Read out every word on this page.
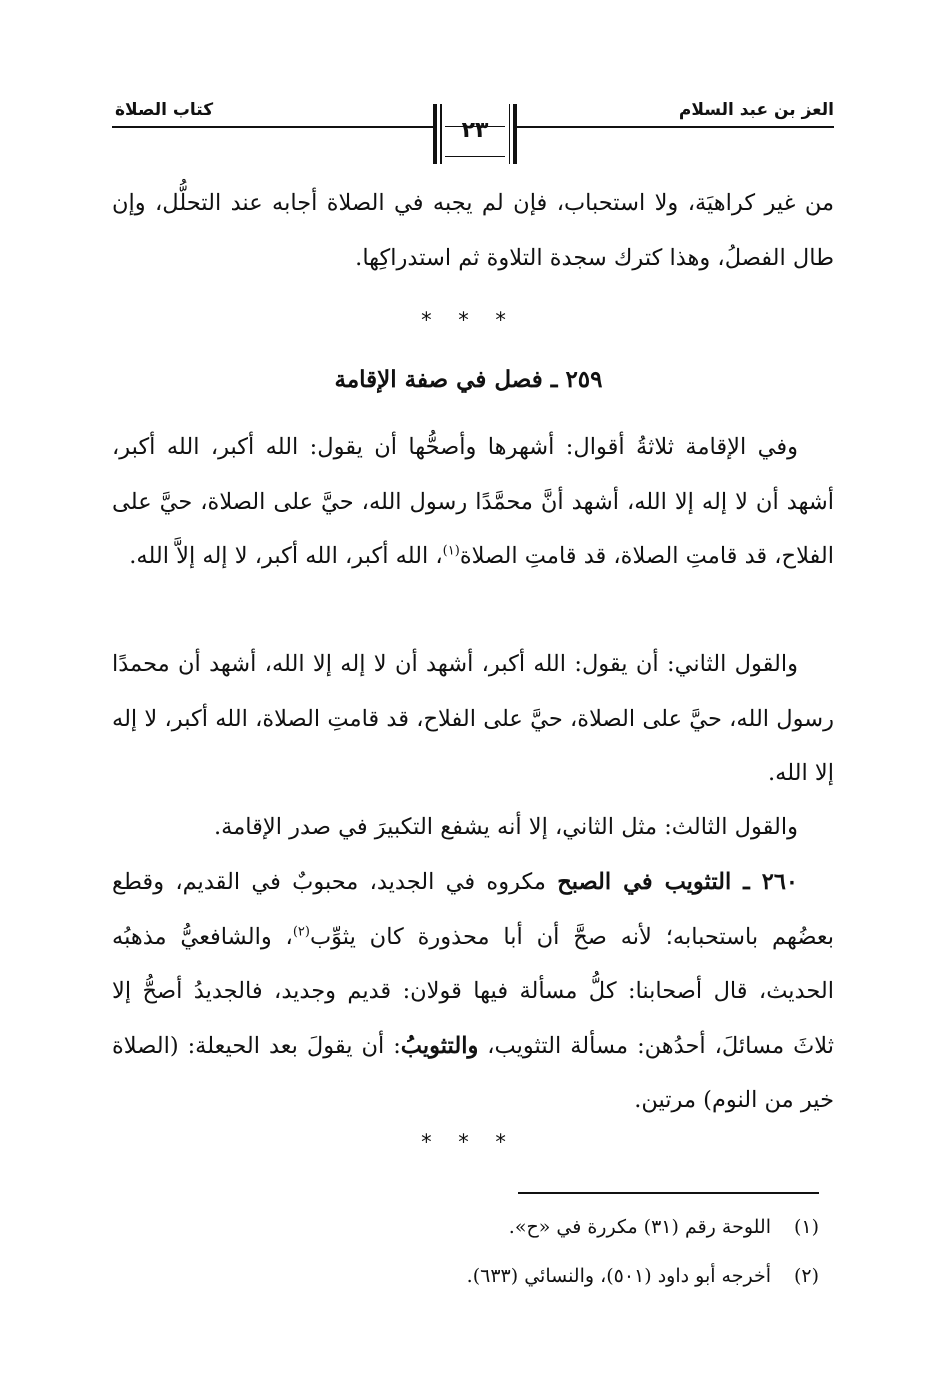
العز بن عبد السلام
كتاب الصلاة
٢٣
من غير كراهيَة، ولا استحباب، فإن لم يجبه في الصلاة أجابه عند التحلُّل، وإن طال الفصلُ، وهذا كترك سجدة التلاوة ثم استدراكِها.
* * *
٢٥٩ ـ فصل في صفة الإقامة
وفي الإقامة ثلاثةُ أقوال: أشهرها وأصحُّها أن يقول: الله أكبر، الله أكبر، أشهد أن لا إله إلا الله، أشهد أنَّ محمَّدًا رسول الله، حيَّ على الصلاة، حيَّ على الفلاح، قد قامتِ الصلاة، قد قامتِ الصلاة$^{(١)}$، الله أكبر، الله أكبر، لا إله إلاَّ الله.
والقول الثاني: أن يقول: الله أكبر، أشهد أن لا إله إلا الله، أشهد أن محمدًا رسول الله، حيَّ على الصلاة، حيَّ على الفلاح، قد قامتِ الصلاة، الله أكبر، لا إله إلا الله.
والقول الثالث: مثل الثاني، إلا أنه يشفع التكبيرَ في صدر الإقامة.
٢٦٠ ـ التثويب في الصبح مكروه في الجديد، محبوبٌ في القديم، وقطع بعضُهم باستحبابه؛ لأنه صحَّ أن أبا محذورة كان يثوِّب$^{(٢)}$، والشافعيُّ مذهبُه الحديث، قال أصحابنا: كلُّ مسألة فيها قولان: قديم وجديد، فالجديدُ أصحُّ إلا ثلاثَ مسائلَ، أحدُهن: مسألة التثويب، والتثويبُ: أن يقولَ بعد الحيعلة: (الصلاة خير من النوم) مرتين.
* * *
(١)اللوحة رقم (٣١) مكررة في «ح».
(٢)أخرجه أبو داود (٥٠١)، والنسائي (٦٣٣).
